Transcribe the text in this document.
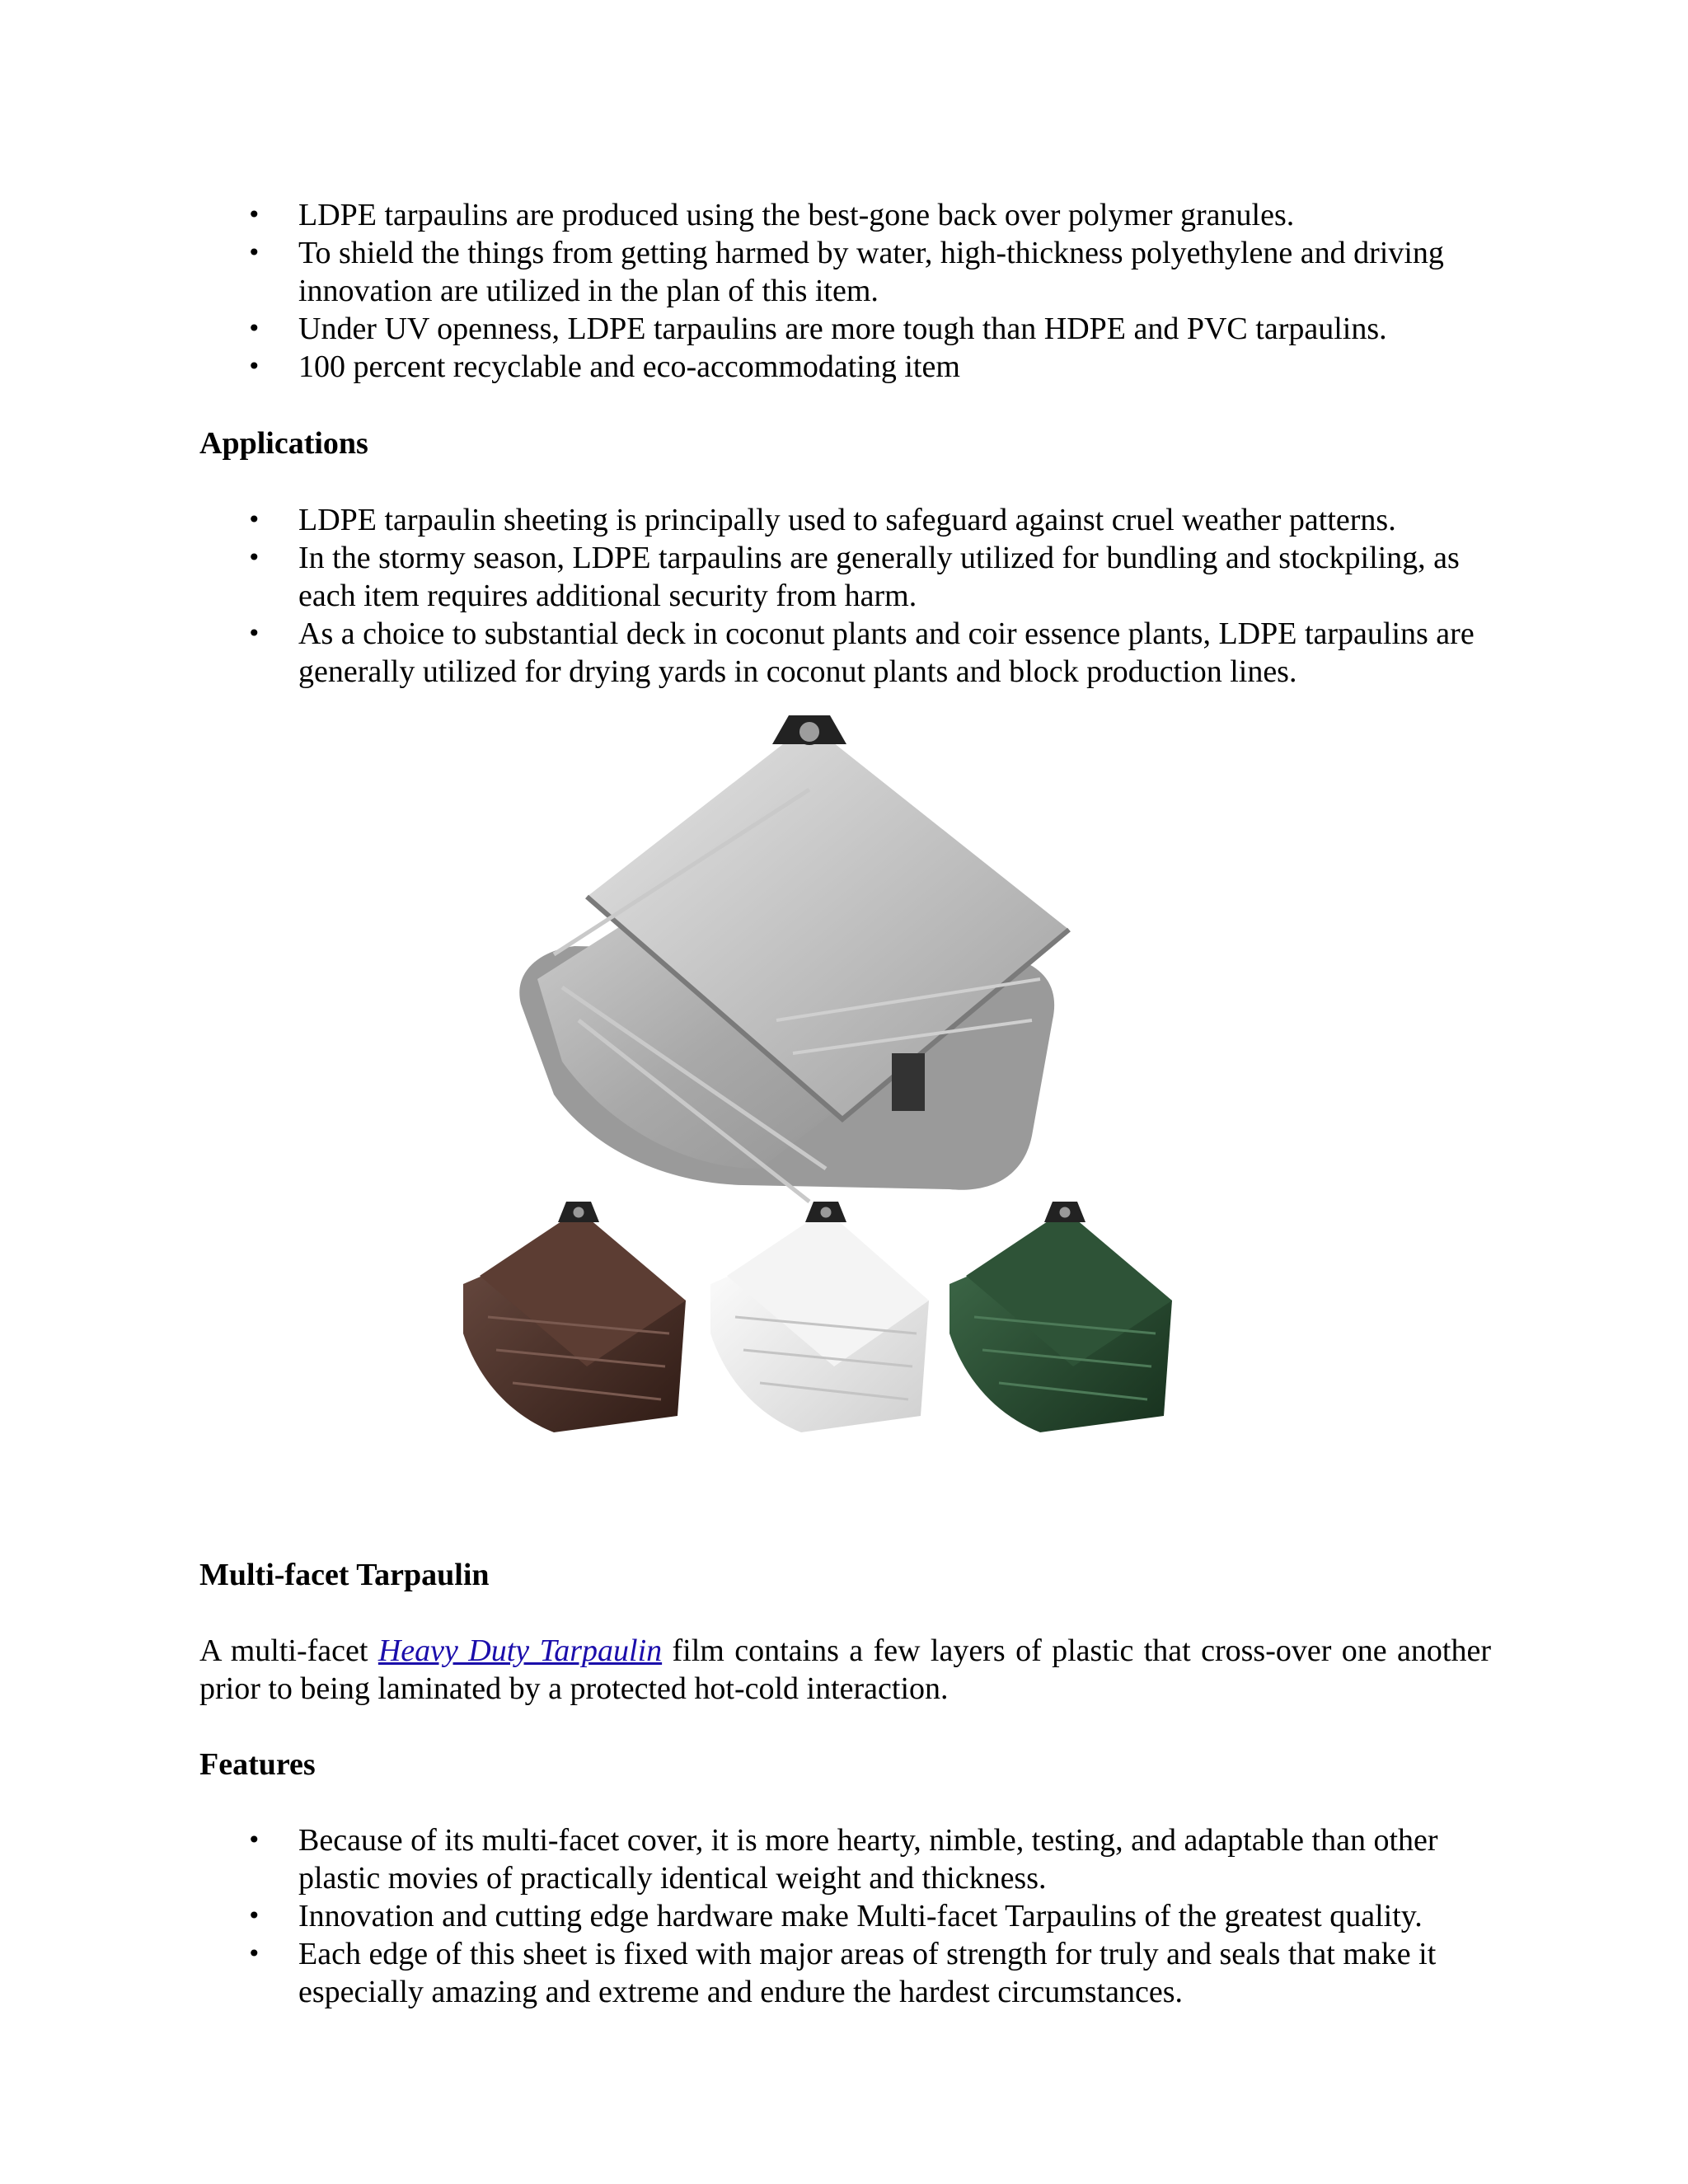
• LDPE tarpaulins are produced using the best-gone back over polymer granules.
• To shield the things from getting harmed by water, high-thickness polyethylene and driving innovation are utilized in the plan of this item.
• Under UV openness, LDPE tarpaulins are more tough than HDPE and PVC tarpaulins.
• 100 percent recyclable and eco-accommodating item

Applications

• LDPE tarpaulin sheeting is principally used to safeguard against cruel weather patterns.
• In the stormy season, LDPE tarpaulins are generally utilized for bundling and stockpiling, as each item requires additional security from harm.
• As a choice to substantial deck in coconut plants and coir essence plants, LDPE tarpaulins are generally utilized for drying yards in coconut plants and block production lines.

Multi-facet Tarpaulin

A multi-facet Heavy Duty Tarpaulin film contains a few layers of plastic that cross-over one another prior to being laminated by a protected hot-cold interaction.

Features

• Because of its multi-facet cover, it is more hearty, nimble, testing, and adaptable than other plastic movies of practically identical weight and thickness.
• Innovation and cutting edge hardware make Multi-facet Tarpaulins of the greatest quality.
• Each edge of this sheet is fixed with major areas of strength for truly and seals that make it especially amazing and extreme and endure the hardest circumstances.
